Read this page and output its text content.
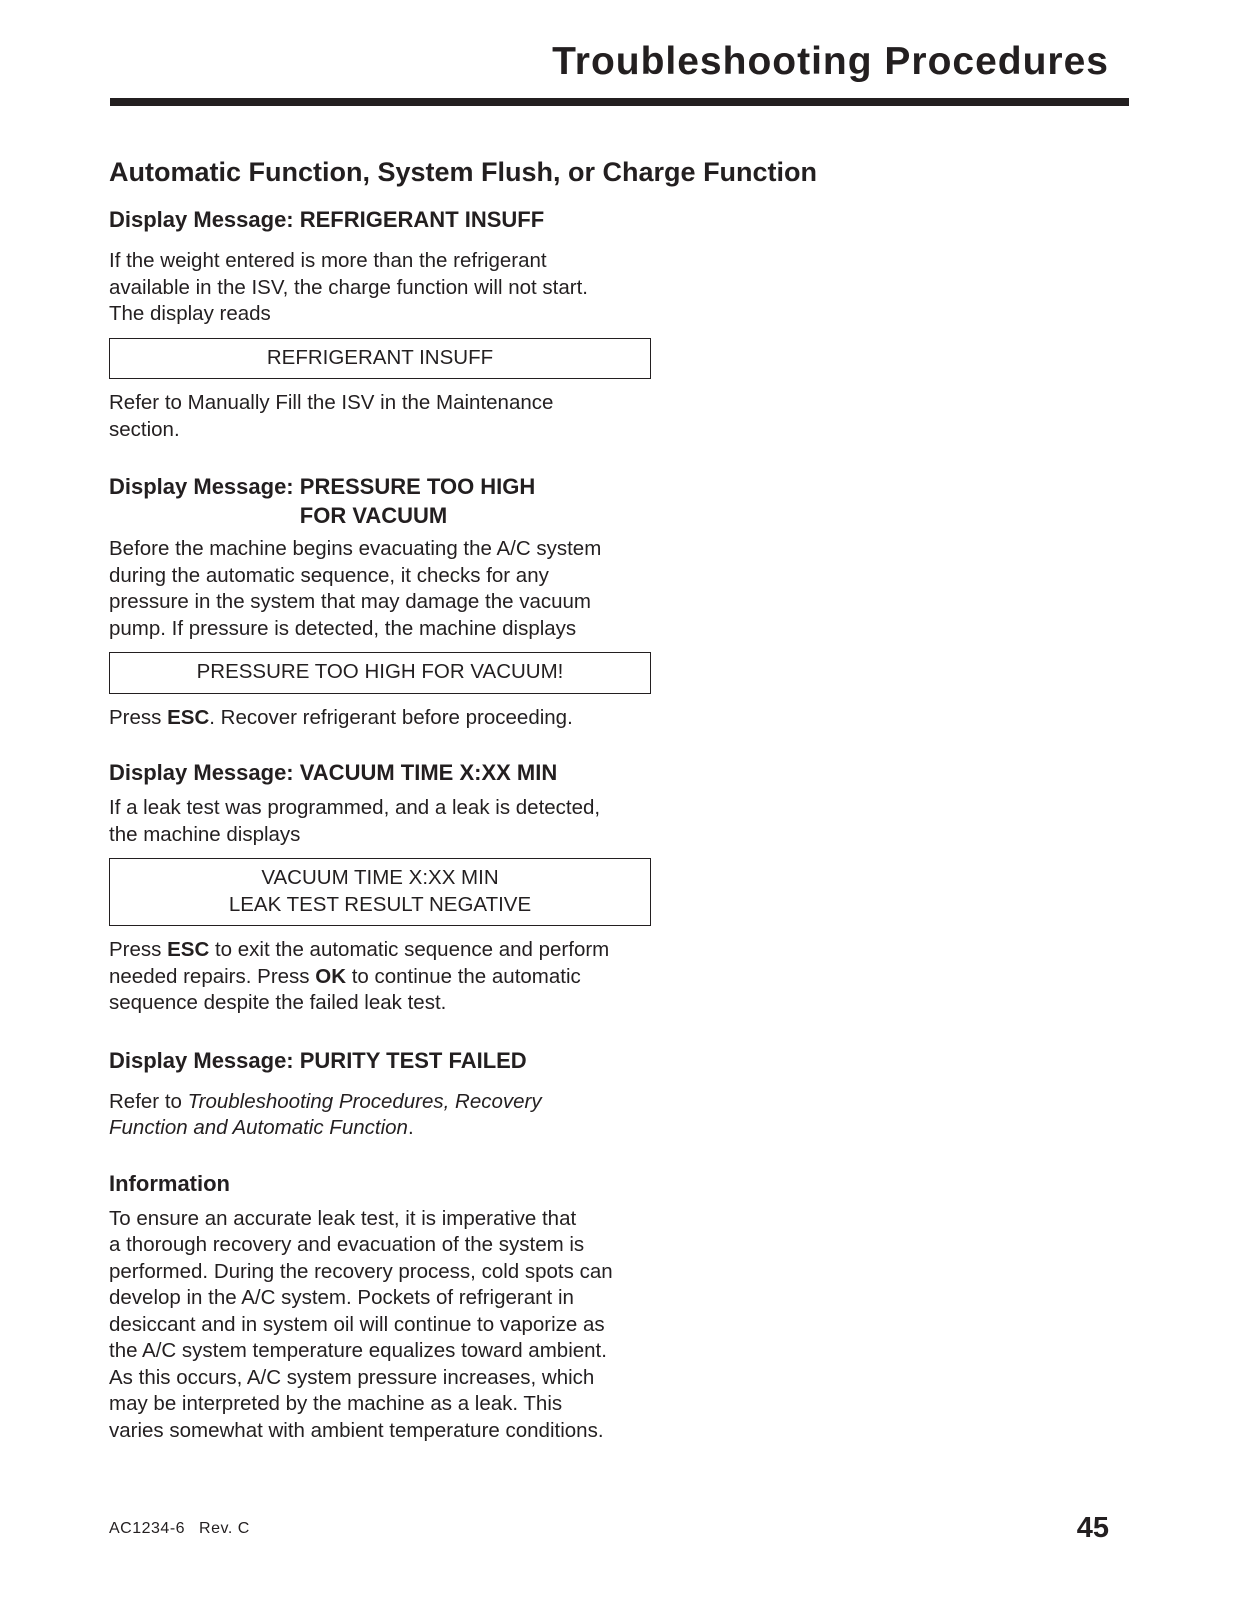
Troubleshooting Procedures
Automatic Function, System Flush, or Charge Function
Display Message: REFRIGERANT INSUFF

If the weight entered is more than the refrigerant
available in the ISV, the charge function will not start.
The display reads

REFRIGERANT INSUFF

Refer to Manually Fill the ISV in the Maintenance
section.

Display Message: PRESSURE TOO HIGH
FOR VACUUM

Before the machine begins evacuating the A/C system
during the automatic sequence, it checks for any
pressure in the system that may damage the vacuum
pump. If pressure is detected, the machine displays

PRESSURE TOO HIGH FOR VACUUM!

Press ESC. Recover refrigerant before proceeding.

Display Message: VACUUM TIME X:XX MIN

If a leak test was programmed, and a leak is detected,
the machine displays

VACUUM TIME X:XX MIN
LEAK TEST RESULT NEGATIVE

Press ESC to exit the automatic sequence and perform
needed repairs. Press OK to continue the automatic
sequence despite the failed leak test.

Display Message: PURITY TEST FAILED

Refer to Troubleshooting Procedures, Recovery
Function and Automatic Function.

Information

To ensure an accurate leak test, it is imperative that
a thorough recovery and evacuation of the system is
performed. During the recovery process, cold spots can
develop in the A/C system. Pockets of refrigerant in
desiccant and in system oil will continue to vaporize as
the A/C system temperature equalizes toward ambient.
As this occurs, A/C system pressure increases, which
may be interpreted by the machine as a leak. This
varies somewhat with ambient temperature conditions.

AC1234-6 Rev. C	45
